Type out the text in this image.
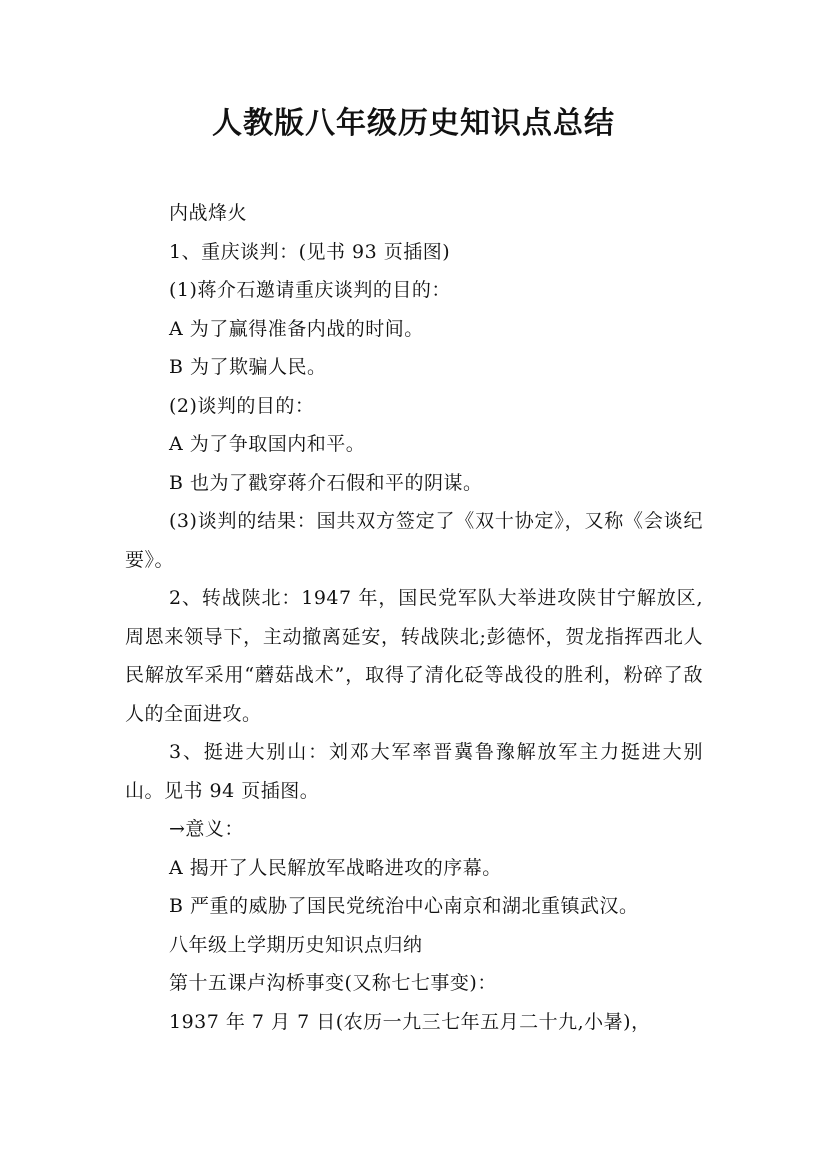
人教版八年级历史知识点总结
内战烽火
1、重庆谈判：(见书 93 页插图)
(1)蒋介石邀请重庆谈判的目的：
A 为了赢得准备内战的时间。
B 为了欺骗人民。
(2)谈判的目的：
A 为了争取国内和平。
B 也为了戳穿蒋介石假和平的阴谋。
(3)谈判的结果：国共双方签定了《双十协定》，又称《会谈纪要》。
2、转战陕北：1947 年，国民党军队大举进攻陕甘宁解放区,周恩来领导下，主动撤离延安，转战陕北;彭德怀，贺龙指挥西北人民解放军采用“蘑菇战术”，取得了清化砭等战役的胜利，粉碎了敌人的全面进攻。
3、挺进大别山：刘邓大军率晋冀鲁豫解放军主力挺进大别山。见书 94 页插图。
→意义：
A 揭开了人民解放军战略进攻的序幕。
B 严重的威胁了国民党统治中心南京和湖北重镇武汉。
八年级上学期历史知识点归纳
第十五课卢沟桥事变(又称七七事变)：
1937 年 7 月 7 日(农历一九三七年五月二十九,小暑)，
